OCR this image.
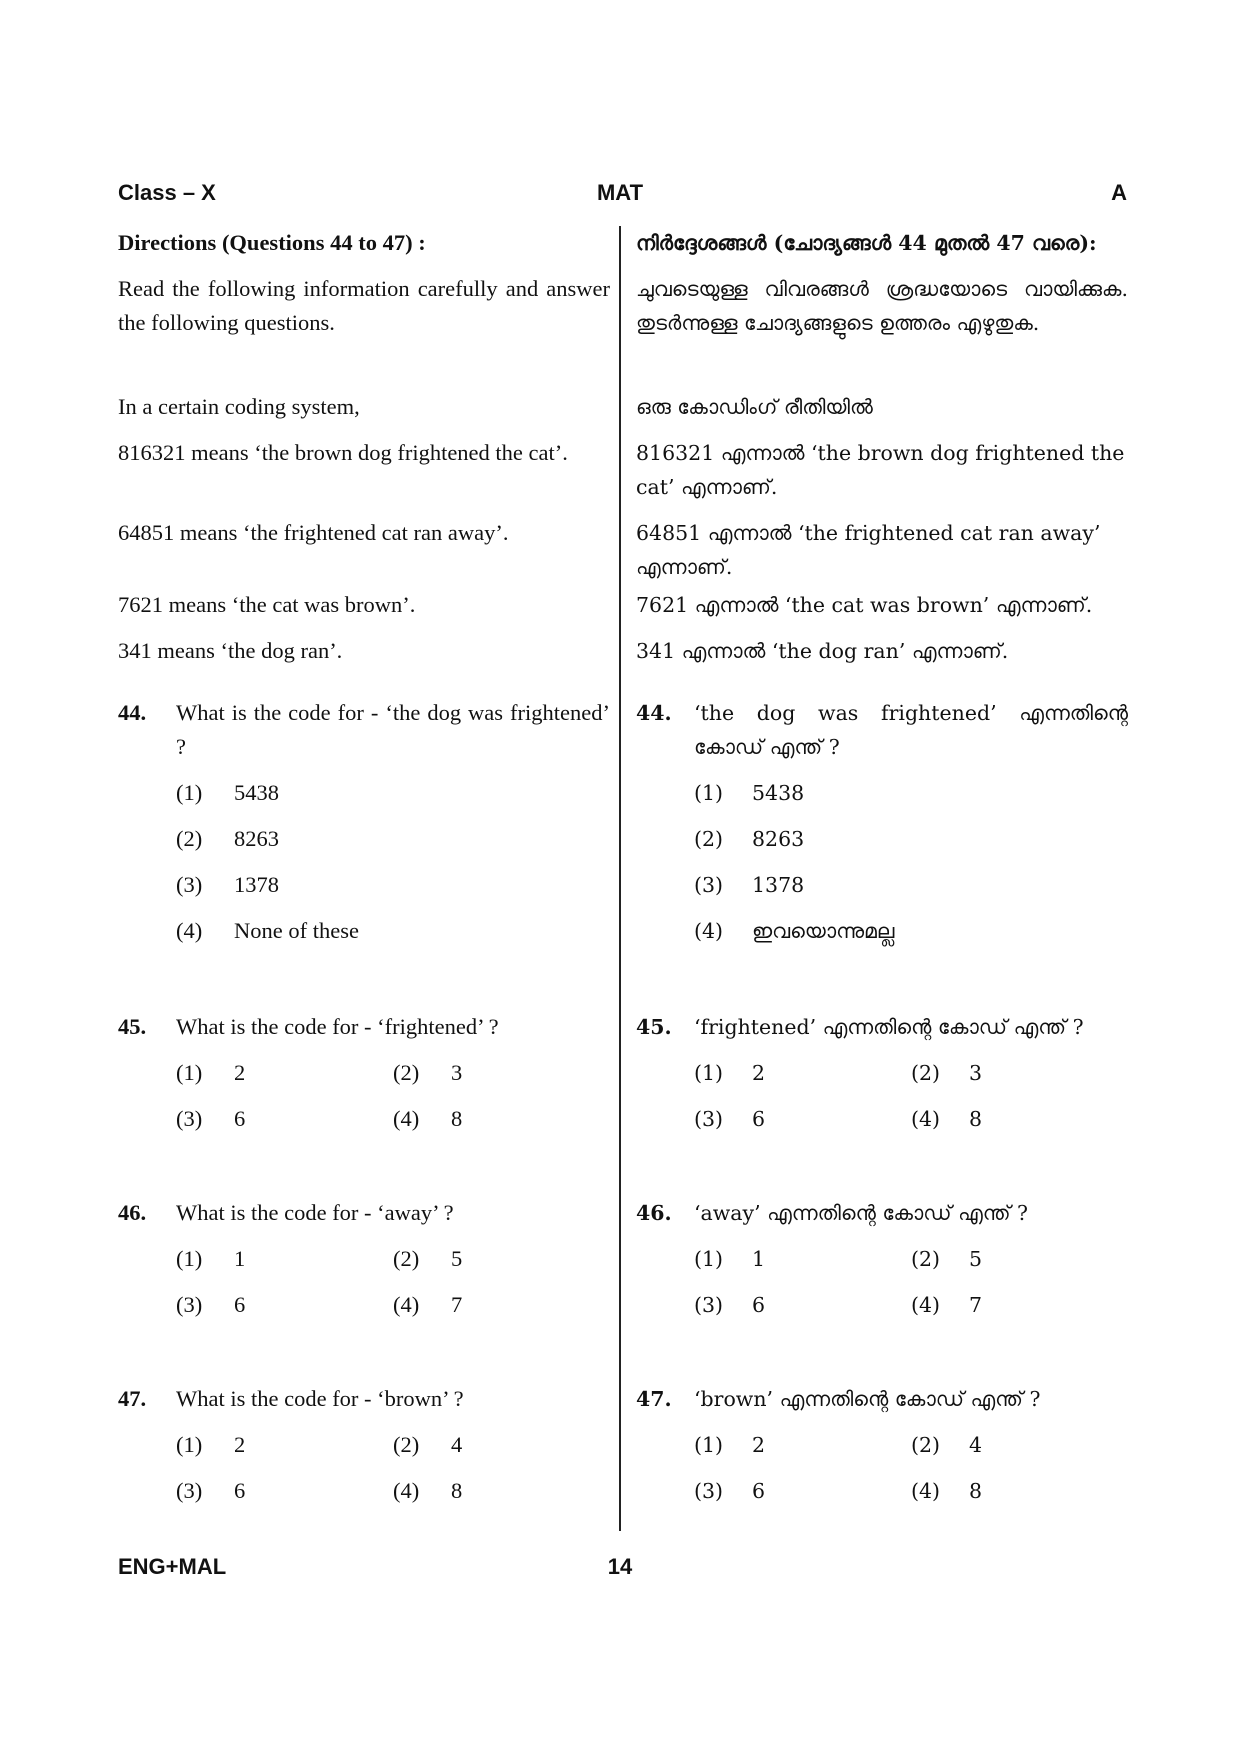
Class – X	MAT	A
Directions (Questions 44 to 47) :
Read the following information carefully and answer the following questions.
In a certain coding system,
816321 means ‘the brown dog frightened the cat’.
64851 means ‘the frightened cat ran away’.
7621 means ‘the cat was brown’.
341 means ‘the dog ran’.
44. What is the code for - ‘the dog was frightened’ ?
(1)	5438
(2)	8263
(3)	1378
(4)	None of these
45. What is the code for - ‘frightened’ ?
(1)	2	(2)	3
(3)	6	(4)	8
46. What is the code for - ‘away’ ?
(1)	1	(2)	5
(3)	6	(4)	7
47. What is the code for - ‘brown’ ?
(1)	2	(2)	4
(3)	6	(4)	8
നിർദ്ദേശങ്ങൾ (ചോദ്യങ്ങൾ 44 മുതൽ 47 വരെ):
ചുവടെയുള്ള വിവരങ്ങൾ ശ്രദ്ധയോടെ വായിക്കുക. തുടർന്നുള്ള ചോദ്യങ്ങളുടെ ഉത്തരം എഴുതുക.
ഒരു കോഡിംഗ് രീതിയിൽ
816321 എന്നാൽ ‘the brown dog frightened the cat’ എന്നാണ്.
64851 എന്നാൽ ‘the frightened cat ran away’ എന്നാണ്.
7621 എന്നാൽ ‘the cat was brown’ എന്നാണ്.
341 എന്നാൽ ‘the dog ran’ എന്നാണ്.
44. ‘the dog was frightened’ എന്നതിന്റെ കോഡ് എന്ത് ?
(1)	5438
(2)	8263
(3)	1378
(4)	ഇവയൊന്നുമല്ല
45. ‘frightened’ എന്നതിന്റെ കോഡ് എന്ത് ?
(1)	2	(2)	3
(3)	6	(4)	8
46. ‘away’ എന്നതിന്റെ കോഡ് എന്ത് ?
(1)	1	(2)	5
(3)	6	(4)	7
47. ‘brown’ എന്നതിന്റെ കോഡ് എന്ത് ?
(1)	2	(2)	4
(3)	6	(4)	8
ENG+MAL	14
